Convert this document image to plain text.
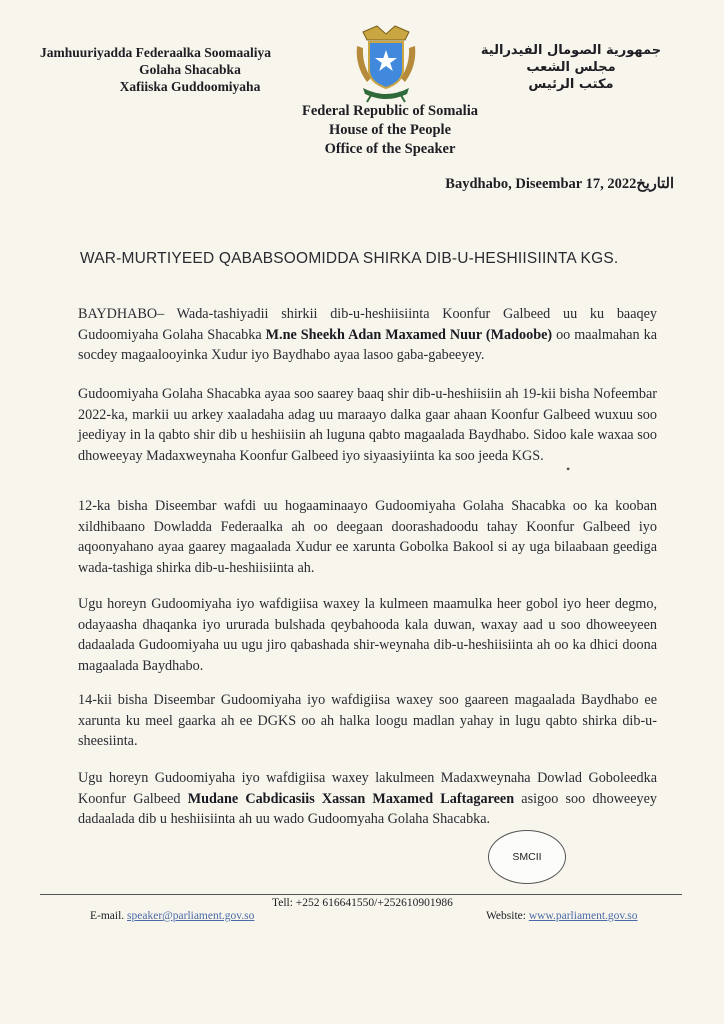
Jamhuuriyadda Federaalka Soomaaliya
Golaha Shacabka
Xafiiska Guddoomiyaha
جمهورية الصومال الفيدرالية
مجلس الشعب
مكتب الرئيس
Federal Republic of Somalia
House of the People
Office of the Speaker
Baydhabo, Diseembar 17, 2022التاريخ
WAR-MURTIYEED QABABSOOMIDDA SHIRKA DIB-U-HESHIISIINTA KGS.
BAYDHABO– Wada-tashiyadii shirkii dib-u-heshiisiinta Koonfur Galbeed uu ku baaqey Gudoomiyaha Golaha Shacabka M.ne Sheekh Adan Maxamed Nuur (Madoobe) oo maalmahan ka socdey magaalooyinka Xudur iyo Baydhabo ayaa lasoo gaba-gabeeyey.
Gudoomiyaha Golaha Shacabka ayaa soo saarey baaq shir dib-u-heshiisiin ah 19-kii bisha Nofeembar 2022-ka, markii uu arkey xaaladaha adag uu maraayo dalka gaar ahaan Koonfur Galbeed wuxuu soo jeediyay in la qabto shir dib u heshiisiin ah luguna qabto magaalada Baydhabo. Sidoo kale waxaa soo dhoweeyay Madaxweynaha Koonfur Galbeed iyo siyaasiyiinta ka soo jeeda KGS.
•
12-ka bisha Diseembar wafdi uu hogaaminaayo Gudoomiyaha Golaha Shacabka oo ka kooban xildhibaano Dowladda Federaalka ah oo deegaan doorashadoodu tahay Koonfur Galbeed iyo aqoonyahano ayaa gaarey magaalada Xudur ee xarunta Gobolka Bakool si ay uga bilaabaan geediga wada-tashiga shirka dib-u-heshiisiinta ah.
Ugu horeyn Gudoomiyaha iyo wafdigiisa waxey la kulmeen maamulka heer gobol iyo heer degmo, odayaasha dhaqanka iyo ururada bulshada qeybahooda kala duwan, waxay aad u soo dhoweeyeen dadaalada Gudoomiyaha uu ugu jiro qabashada shir-weynaha dib-u-heshiisiinta ah oo ka dhici doona magaalada Baydhabo.
14-kii bisha Diseembar Gudoomiyaha iyo wafdigiisa waxey soo gaareen magaalada Baydhabo ee xarunta ku meel gaarka ah ee DGKS oo ah halka loogu madlan yahay in lugu qabto shirka dib-u-sheesiinta.
Ugu horeyn Gudoomiyaha iyo wafdigiisa waxey lakulmeen Madaxweynaha Dowlad Goboleedka Koonfur Galbeed Mudane Cabdicasiis Xassan Maxamed Laftagareen asigoo soo dhoweeyey dadaalada dib u heshiisiinta ah uu wado Gudoomyaha Golaha Shacabka.
SMCII
Tell: +252 616641550/+252610901986
E-mail. speaker@parliament.gov.so	Website: www.parliament.gov.so
